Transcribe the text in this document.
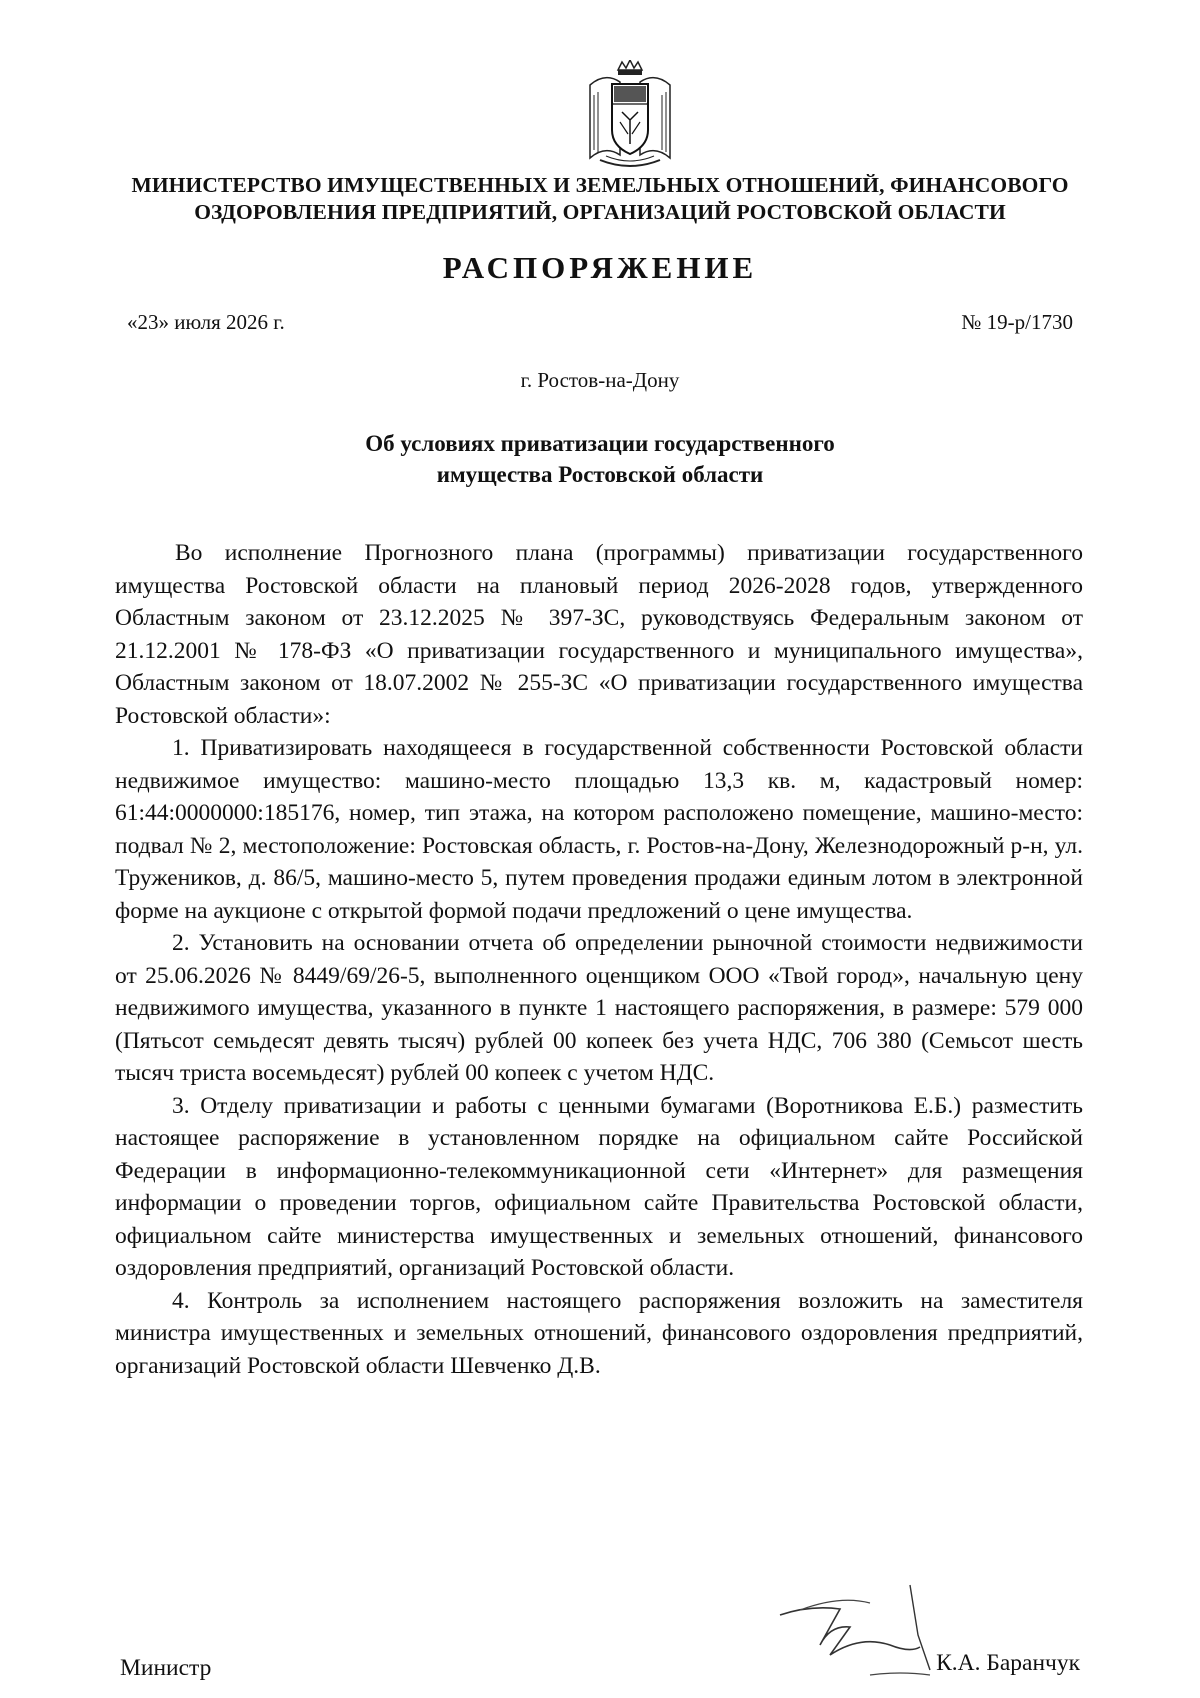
МИНИСТЕРСТВО ИМУЩЕСТВЕННЫХ И ЗЕМЕЛЬНЫХ ОТНОШЕНИЙ, ФИНАНСОВОГО
ОЗДОРОВЛЕНИЯ ПРЕДПРИЯТИЙ, ОРГАНИЗАЦИЙ РОСТОВСКОЙ ОБЛАСТИ
РАСПОРЯЖЕНИЕ
«23» июля 2026 г.	№ 19-р/1730
г. Ростов-на-Дону
Об условиях приватизации государственного
имущества Ростовской области

Во исполнение Прогнозного плана (программы) приватизации государственного имущества Ростовской области на плановый период 2026-2028 годов, утвержденного Областным законом от 23.12.2025 № 397-ЗС, руководствуясь Федеральным законом от 21.12.2001 № 178-ФЗ «О приватизации государственного и муниципального имущества», Областным законом от 18.07.2002 № 255-ЗС «О приватизации государственного имущества Ростовской области»:

1. Приватизировать находящееся в государственной собственности Ростовской области недвижимое имущество: машино-место площадью 13,3 кв. м, кадастровый номер: 61:44:0000000:185176, номер, тип этажа, на котором расположено помещение, машино-место: подвал № 2, местоположение: Ростовская область, г. Ростов-на-Дону, Железнодорожный р-н, ул. Тружеников, д. 86/5, машино-место 5, путем проведения продажи единым лотом в электронной форме на аукционе с открытой формой подачи предложений о цене имущества.

2. Установить на основании отчета об определении рыночной стоимости недвижимости от 25.06.2026 № 8449/69/26-5, выполненного оценщиком ООО «Твой город», начальную цену недвижимого имущества, указанного в пункте 1 настоящего распоряжения, в размере: 579 000 (Пятьсот семьдесят девять тысяч) рублей 00 копеек без учета НДС, 706 380 (Семьсот шесть тысяч триста восемьдесят) рублей 00 копеек с учетом НДС.

3. Отделу приватизации и работы с ценными бумагами (Воротникова Е.Б.) разместить настоящее распоряжение в установленном порядке на официальном сайте Российской Федерации в информационно-телекоммуникационной сети «Интернет» для размещения информации о проведении торгов, официальном сайте Правительства Ростовской области, официальном сайте министерства имущественных и земельных отношений, финансового оздоровления предприятий, организаций Ростовской области.

4. Контроль за исполнением настоящего распоряжения возложить на заместителя министра имущественных и земельных отношений, финансового оздоровления предприятий, организаций Ростовской области Шевченко Д.В.

Министр	К.А. Баранчук
